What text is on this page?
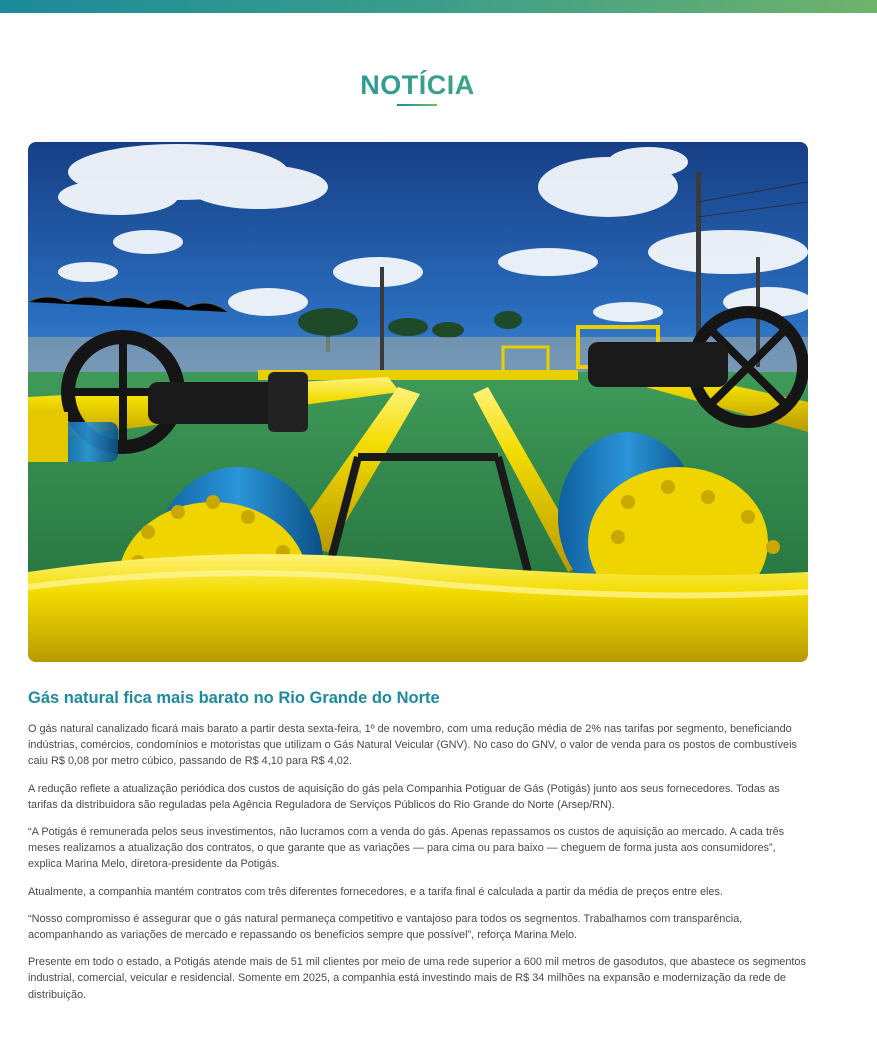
NOTÍCIA
Gás natural fica mais barato no Rio Grande do Norte

O gás natural canalizado ficará mais barato a partir desta sexta-feira, 1º de novembro, com uma redução média de 2% nas tarifas por segmento, beneficiando indústrias, comércios, condomínios e motoristas que utilizam o Gás Natural Veicular (GNV). No caso do GNV, o valor de venda para os postos de combustíveis caiu R$ 0,08 por metro cúbico, passando de R$ 4,10 para R$ 4,02.

A redução reflete a atualização periódica dos custos de aquisição do gás pela Companhia Potiguar de Gás (Potigás) junto aos seus fornecedores. Todas as tarifas da distribuidora são reguladas pela Agência Reguladora de Serviços Públicos do Rio Grande do Norte (Arsep/RN).

“A Potigás é remunerada pelos seus investimentos, não lucramos com a venda do gás. Apenas repassamos os custos de aquisição ao mercado. A cada três meses realizamos a atualização dos contratos, o que garante que as variações — para cima ou para baixo — cheguem de forma justa aos consumidores”, explica Marina Melo, diretora-presidente da Potigás.

Atualmente, a companhia mantém contratos com três diferentes fornecedores, e a tarifa final é calculada a partir da média de preços entre eles.

“Nosso compromisso é assegurar que o gás natural permaneça competitivo e vantajoso para todos os segmentos. Trabalhamos com transparência, acompanhando as variações de mercado e repassando os benefícios sempre que possível”, reforça Marina Melo.

Presente em todo o estado, a Potigás atende mais de 51 mil clientes por meio de uma rede superior a 600 mil metros de gasodutos, que abastece os segmentos industrial, comercial, veicular e residencial. Somente em 2025, a companhia está investindo mais de R$ 34 milhões na expansão e modernização da rede de distribuição.
